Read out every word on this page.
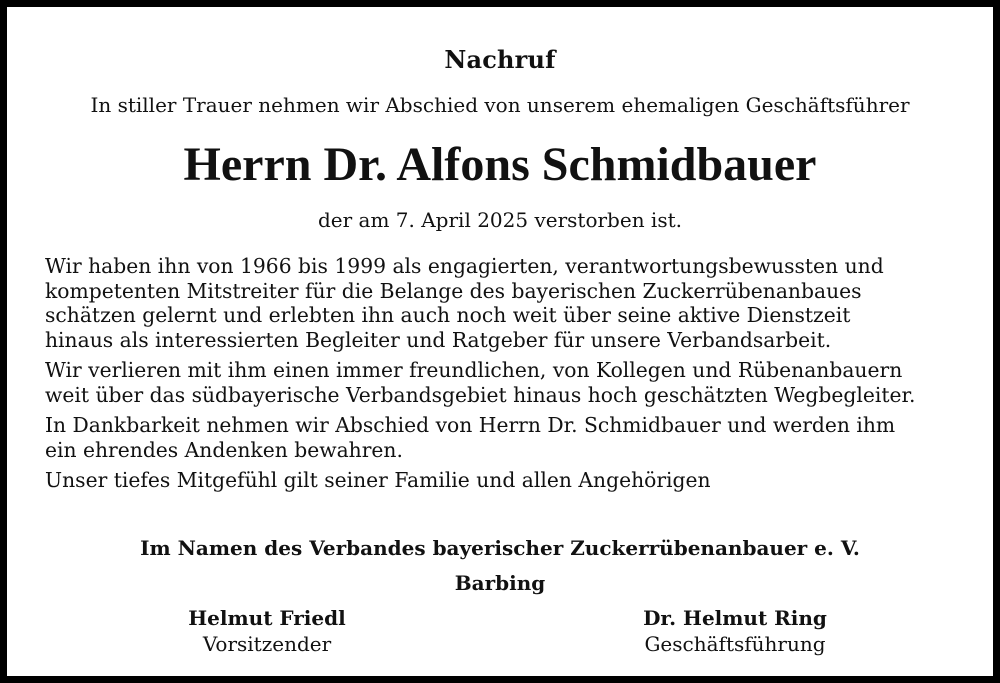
Nachruf
In stiller Trauer nehmen wir Abschied von unserem ehemaligen Geschäftsführer
Herrn Dr. Alfons Schmidbauer
der am 7. April 2025 verstorben ist.
Wir haben ihn von 1966 bis 1999 als engagierten, verantwortungsbewussten und
kompetenten Mitstreiter für die Belange des bayerischen Zuckerrübenanbaues
schätzen gelernt und erlebten ihn auch noch weit über seine aktive Dienstzeit
hinaus als interessierten Begleiter und Ratgeber für unsere Verbandsarbeit.
Wir verlieren mit ihm einen immer freundlichen, von Kollegen und Rübenanbauern
weit über das südbayerische Verbandsgebiet hinaus hoch geschätzten Wegbegleiter.
In Dankbarkeit nehmen wir Abschied von Herrn Dr. Schmidbauer und werden ihm
ein ehrendes Andenken bewahren.
Unser tiefes Mitgefühl gilt seiner Familie und allen Angehörigen
Im Namen des Verbandes bayerischer Zuckerrübenanbauer e. V.
Barbing
Helmut Friedl
Vorsitzender
Dr. Helmut Ring
Geschäftsführung
